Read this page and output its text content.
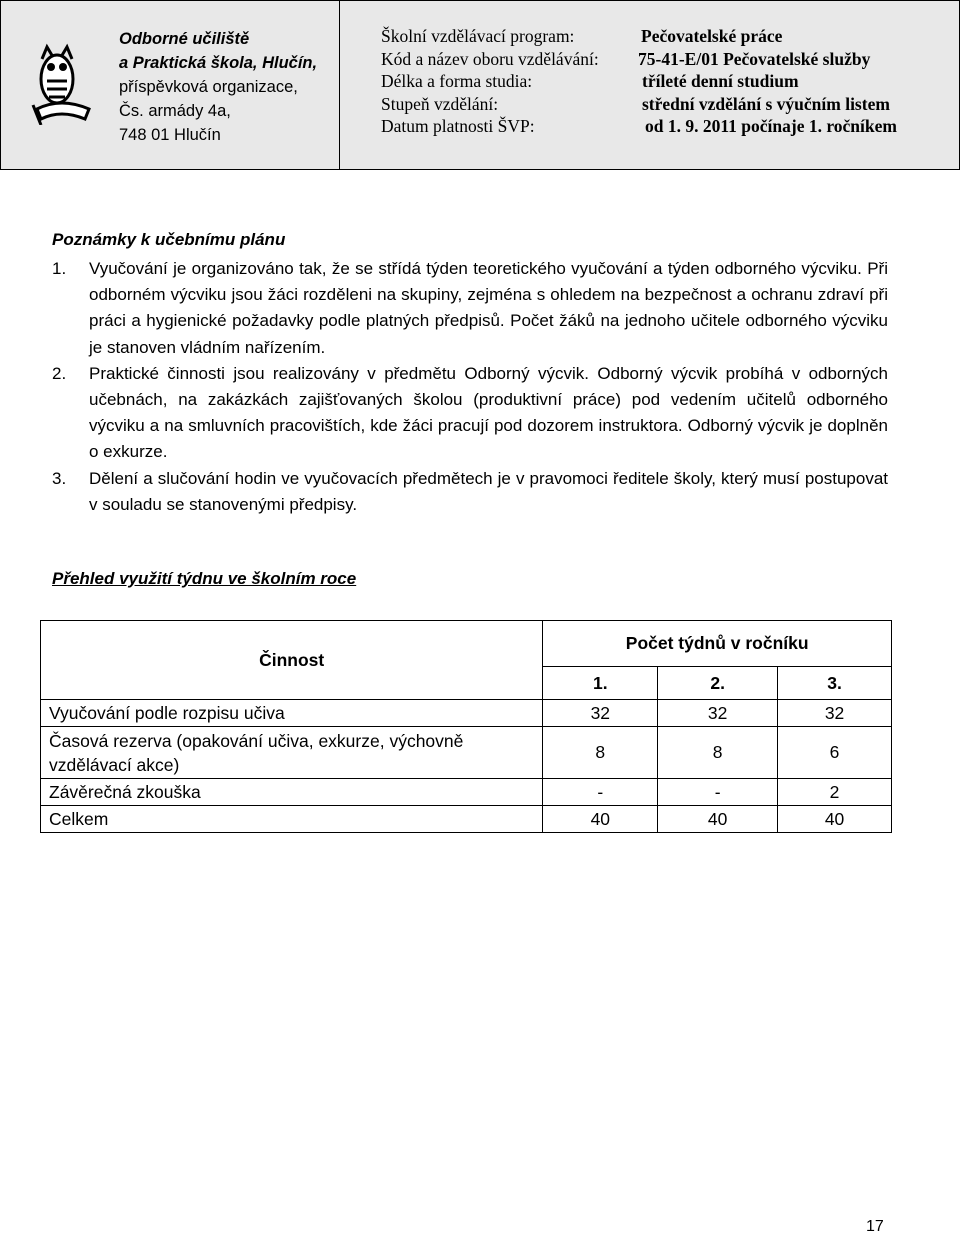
Odborné učiliště
a Praktická škola, Hlučín,
příspěvková organizace,
Čs. armády 4a,
748 01 Hlučín
Školní vzdělávací program:	Pečovatelské práce
Kód a název oboru vzdělávání: 75-41-E/01 Pečovatelské služby
Délka a forma studia:	tříleté denní studium
Stupeň vzdělání:	střední vzdělání s výučním listem
Datum platnosti ŠVP:	od 1. 9. 2011 počínaje 1. ročníkem
Poznámky k učebnímu plánu
1. Vyučování je organizováno tak, že se střídá týden teoretického vyučování a týden odborného výcviku. Při odborném výcviku jsou žáci rozděleni na skupiny, zejména s ohledem na bezpečnost a ochranu zdraví při práci a hygienické požadavky podle platných předpisů. Počet žáků na jednoho učitele odborného výcviku je stanoven vládním nařízením.
2. Praktické činnosti jsou realizovány v předmětu Odborný výcvik. Odborný výcvik probíhá v odborných učebnách, na zakázkách zajišťovaných školou (produktivní práce) pod vedením učitelů odborného výcviku a na smluvních pracovištích, kde žáci pracují pod dozorem instruktora. Odborný výcvik je doplněn o exkurze.
3. Dělení a slučování hodin ve vyučovacích předmětech je v pravomoci ředitele školy, který musí postupovat v souladu se stanovenými předpisy.
Přehled využití týdnu ve školním roce
Činnost	Počet týdnů v ročníku		
	1.	2.	3.
Vyučování podle rozpisu učiva	32	32	32
Časová rezerva (opakování učiva, exkurze, výchovně vzdělávací akce)	8	8	6
Závěrečná zkouška	-	-	2
Celkem	40	40	40
17
